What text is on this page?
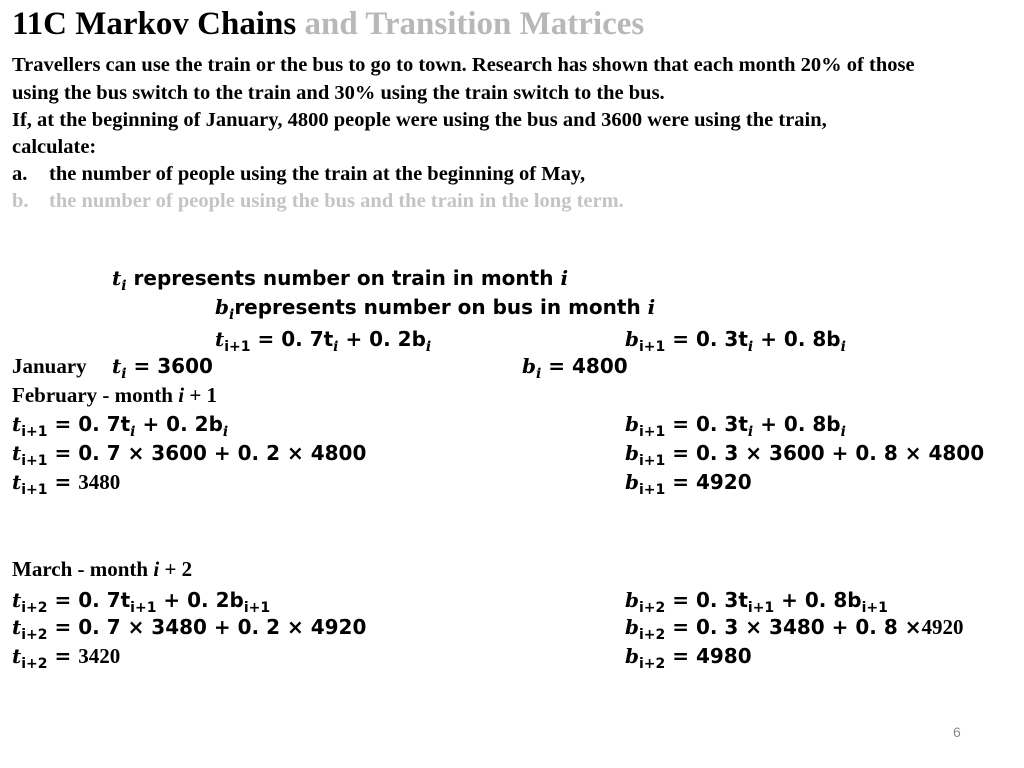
11C Markov Chains and Transition Matrices
Travellers can use the train or the bus to go to town. Research has shown that each month 20% of those
using the bus switch to the train and 30% using the train switch to the bus.
If, at the beginning of January, 4800 people were using the bus and 3600 were using the train,
calculate:
a. the number of people using the train at the beginning of May,
b. the number of people using the bus and the train in the long term.
$t_i$ represents number on train in month i
$b_irepresents$ number on bus in month i
$t_{i+1} = 0$. $7t_i + 0$. $2b_i$	$b_{i+1} = 0$. $3t_i + 0$. $8b_i$
January $t_i = 3600$	$b_i = 4800$
February - month i + 1
$t_{i+1} = 0$. $7t_i + 0$. $2b_i$	$b_{i+1} = 0$. $3t_i + 0$. $8b_i$
$t_{i+1} = 0$. 7 × 3600 + 0. 2 × 4800	$b_{i+1} = 0$. 3 × 3600 + 0. 8 × 4800
$t_{i+1} = 3480$	$b_{i+1} = 4920$
March - month i + 2
$t_{i+2} = 0$. $7t_{i+1} + 0$. $2b_{i+1}$	$b_{i+2} = 0$. $3t_{i+1} + 0$. $8b_{i+1}$
$t_{i+2} = 0$. 7 × 3480 + 0. 2 × 4920	$b_{i+2} = 0$. 3 × 3480 + 0. 8 ×4920
$t_{i+2} = 3420$	$b_{i+2} = 4980$
6
